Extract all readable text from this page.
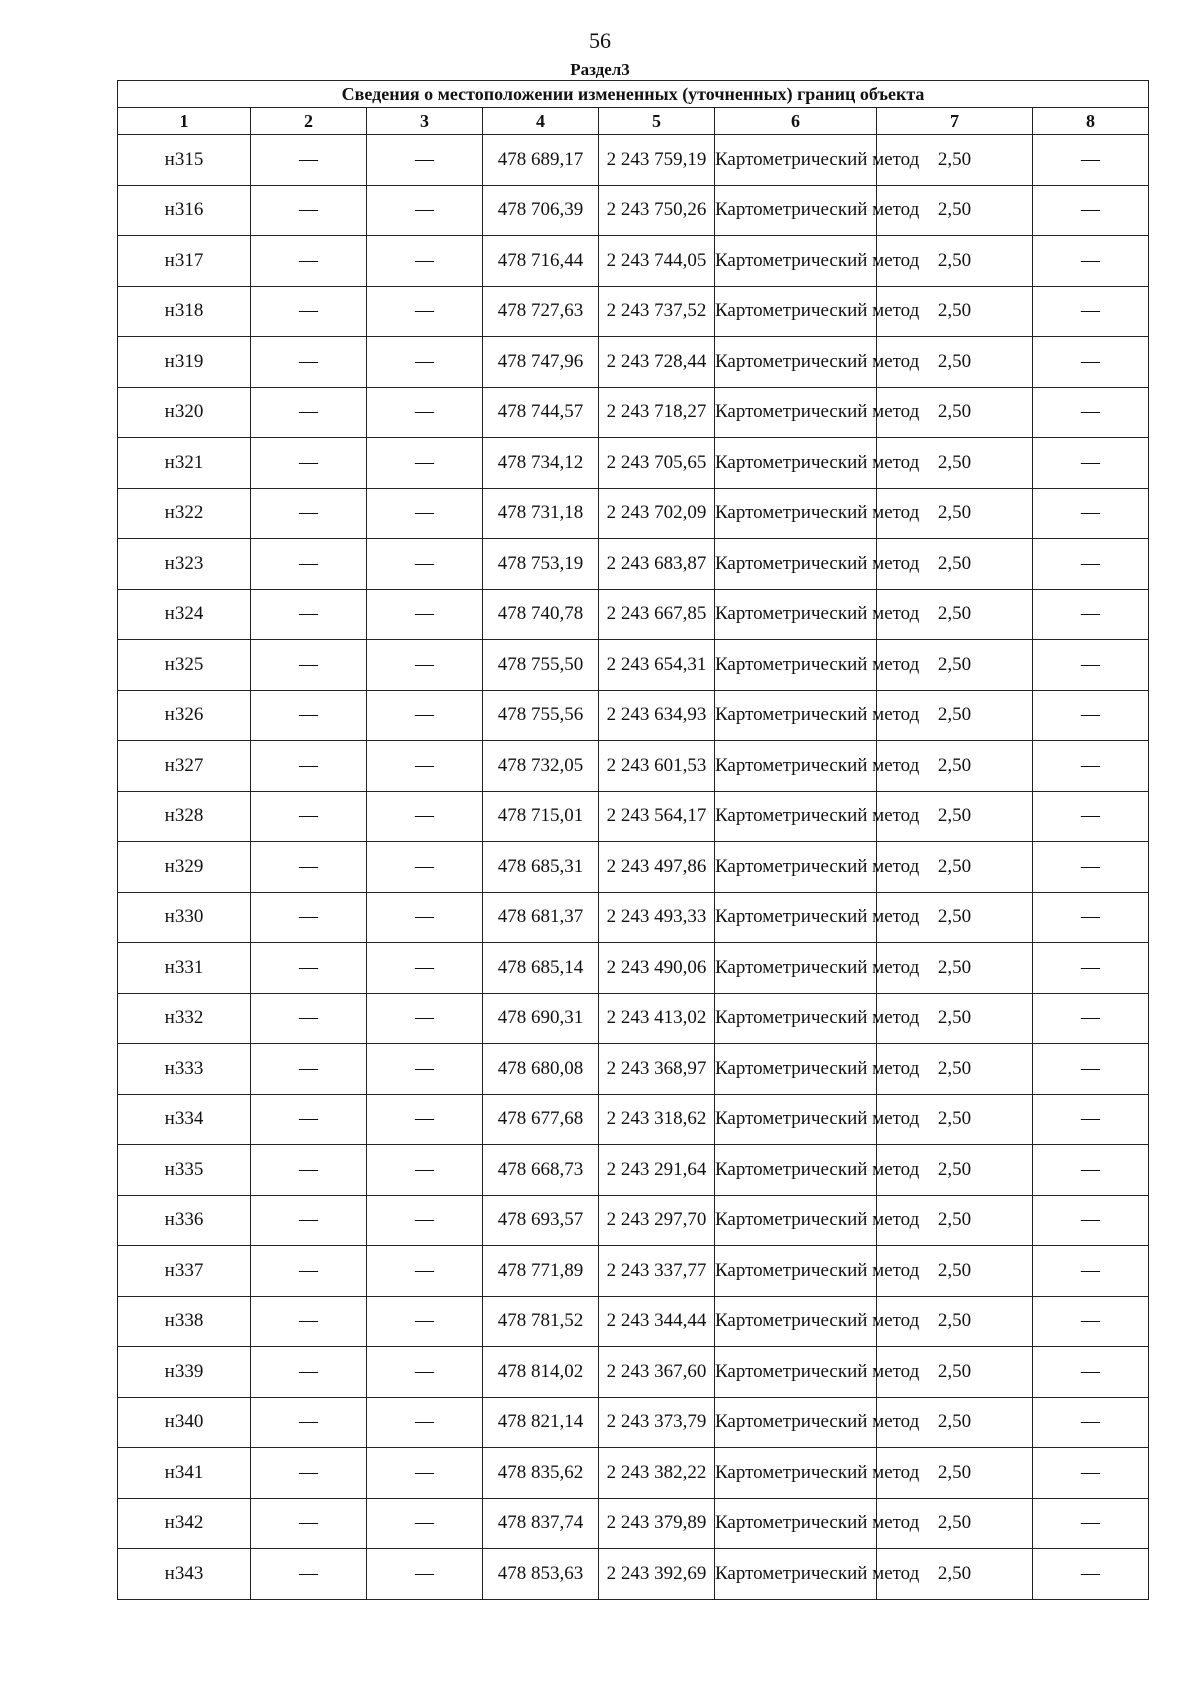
56
Раздел3
Сведения о местоположении измененных (уточненных) границ объекта							
1	2	3	4	5	6	7	8
н315	—	—	478 689,17	2 243 759,19	Картометрический метод	2,50	—
н316	—	—	478 706,39	2 243 750,26	Картометрический метод	2,50	—
н317	—	—	478 716,44	2 243 744,05	Картометрический метод	2,50	—
н318	—	—	478 727,63	2 243 737,52	Картометрический метод	2,50	—
н319	—	—	478 747,96	2 243 728,44	Картометрический метод	2,50	—
н320	—	—	478 744,57	2 243 718,27	Картометрический метод	2,50	—
н321	—	—	478 734,12	2 243 705,65	Картометрический метод	2,50	—
н322	—	—	478 731,18	2 243 702,09	Картометрический метод	2,50	—
н323	—	—	478 753,19	2 243 683,87	Картометрический метод	2,50	—
н324	—	—	478 740,78	2 243 667,85	Картометрический метод	2,50	—
н325	—	—	478 755,50	2 243 654,31	Картометрический метод	2,50	—
н326	—	—	478 755,56	2 243 634,93	Картометрический метод	2,50	—
н327	—	—	478 732,05	2 243 601,53	Картометрический метод	2,50	—
н328	—	—	478 715,01	2 243 564,17	Картометрический метод	2,50	—
н329	—	—	478 685,31	2 243 497,86	Картометрический метод	2,50	—
н330	—	—	478 681,37	2 243 493,33	Картометрический метод	2,50	—
н331	—	—	478 685,14	2 243 490,06	Картометрический метод	2,50	—
н332	—	—	478 690,31	2 243 413,02	Картометрический метод	2,50	—
н333	—	—	478 680,08	2 243 368,97	Картометрический метод	2,50	—
н334	—	—	478 677,68	2 243 318,62	Картометрический метод	2,50	—
н335	—	—	478 668,73	2 243 291,64	Картометрический метод	2,50	—
н336	—	—	478 693,57	2 243 297,70	Картометрический метод	2,50	—
н337	—	—	478 771,89	2 243 337,77	Картометрический метод	2,50	—
н338	—	—	478 781,52	2 243 344,44	Картометрический метод	2,50	—
н339	—	—	478 814,02	2 243 367,60	Картометрический метод	2,50	—
н340	—	—	478 821,14	2 243 373,79	Картометрический метод	2,50	—
н341	—	—	478 835,62	2 243 382,22	Картометрический метод	2,50	—
н342	—	—	478 837,74	2 243 379,89	Картометрический метод	2,50	—
н343	—	—	478 853,63	2 243 392,69	Картометрический метод	2,50	—
